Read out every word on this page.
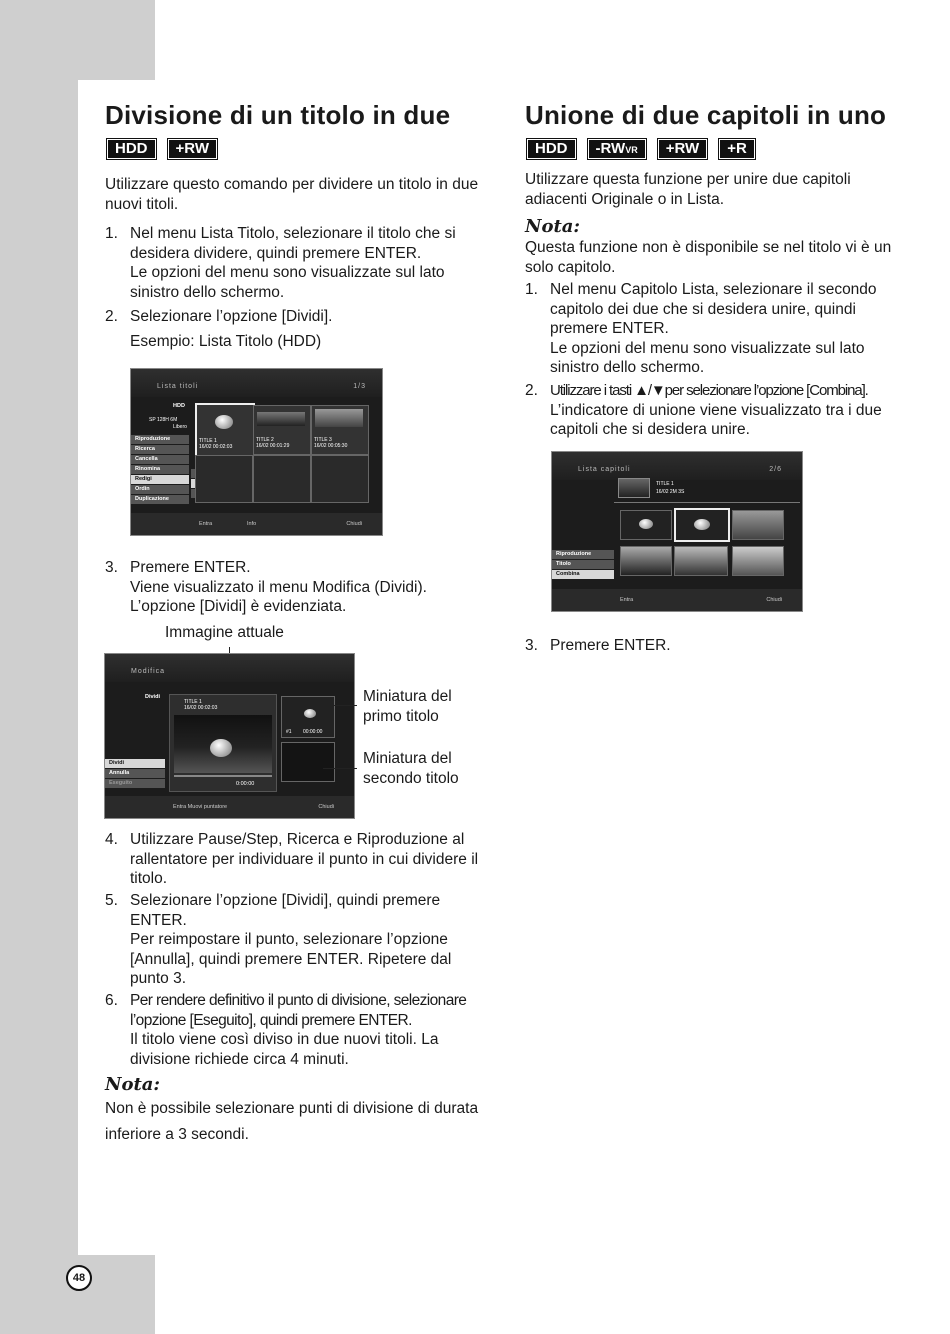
48
Divisione di un titolo in due
HDD	+RW
Utilizzare questo comando per dividere un titolo in due nuovi titoli.
1. Nel menu Lista Titolo, selezionare il titolo che si
desidera dividere, quindi premere ENTER.
Le opzioni del menu sono visualizzate sul lato
sinistro dello schermo.
2. Selezionare l’opzione [Dividi].
Esempio: Lista Titolo (HDD)
Lista titoli	1/3
HDD
SP 128H 6M
Libero
Riproduzione
Ricerca
Cancella
Rinomina
Redigi
Ordin
Duplicazione
TITLE 1
16/02 00:02:03
TITLE 2
16/02 00:01:29
TITLE 3
16/02 00:05:30
Entra	Info	Chiudi
3. Premere ENTER.
Viene visualizzato il menu Modifica (Dividi).
L’opzione [Dividi] è evidenziata.
Immagine attuale
Modifica
Dividi
TITLE 1
16/02 00:02:03
0:00:00
#1 00:00:00
Dividi
Annulla
Eseguito
Entra Muovi puntatore	Chiudi
Miniatura del
primo titolo
Miniatura del
secondo titolo
4. Utilizzare Pause/Step, Ricerca e Riproduzione al
rallentatore per individuare il punto in cui dividere il
titolo.
5. Selezionare l’opzione [Dividi], quindi premere
ENTER.
Per reimpostare il punto, selezionare l’opzione
[Annulla], quindi premere ENTER. Ripetere dal
punto 3.
6. Per rendere definitivo il punto di divisione, selezionare
l’opzione [Eseguito], quindi premere ENTER.
Il titolo viene così diviso in due nuovi titoli. La
divisione richiede circa 4 minuti.
Nota:
Non è possibile selezionare punti di divisione di durata
inferiore a 3 secondi.
Unione di due capitoli in uno
HDD	-RWVR	+RW	+R
Utilizzare questa funzione per unire due capitoli
adiacenti Originale o in Lista.
Nota:
Questa funzione non è disponibile se nel titolo vi è un
solo capitolo.
1. Nel menu Capitolo Lista, selezionare il secondo
capitolo dei due che si desidera unire, quindi
premere ENTER.
Le opzioni del menu sono visualizzate sul lato
sinistro dello schermo.
2. Utilizzare i tasti ▲/▼per selezionare l’opzione [Combina].
L’indicatore di unione viene visualizzato tra i due
capitoli che si desidera unire.
Lista capitoli	2/6
TITLE 1
16/02 2M 3S
Riproduzione
Titolo
Combina
Entra	Chiudi
3. Premere ENTER.
